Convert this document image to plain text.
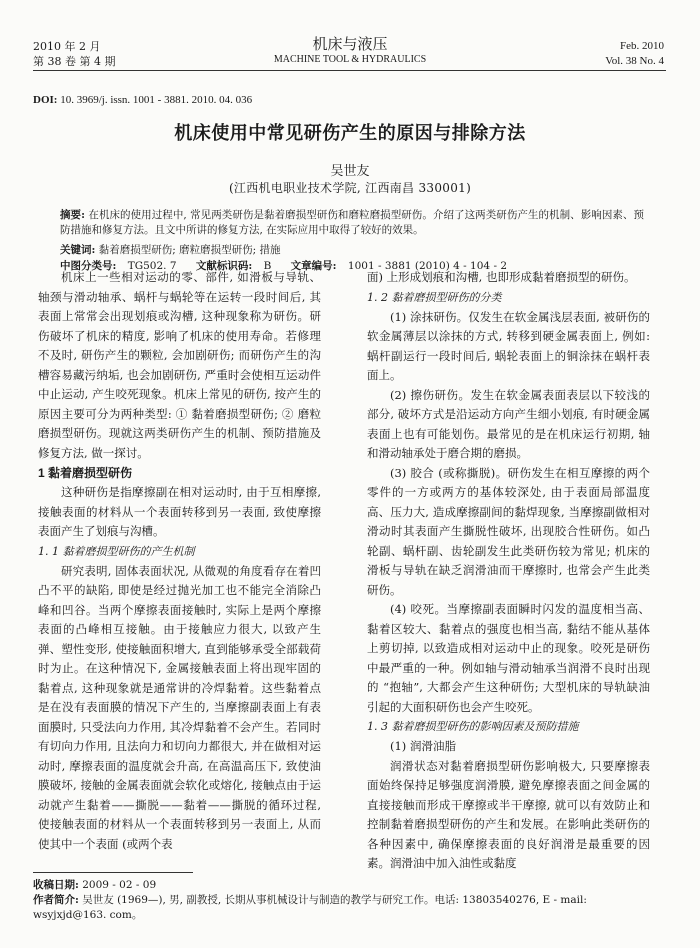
2010 年 2 月
第 38 卷 第 4 期
机床与液压
MACHINE TOOL & HYDRAULICS
Feb. 2010
Vol. 38 No. 4
DOI: 10. 3969/j. issn. 1001 - 3881. 2010. 04. 036
机床使用中常见研伤产生的原因与排除方法
吴世友
(江西机电职业技术学院, 江西南昌 330001)
摘要: 在机床的使用过程中, 常见两类研伤是黏着磨损型研伤和磨粒磨损型研伤。介绍了这两类研伤产生的机制、影响因素、预防措施和修复方法。且文中所讲的修复方法, 在实际应用中取得了较好的效果。
关键词: 黏着磨损型研伤; 磨粒磨损型研伤; 措施
中图分类号: TG502. 7 文献标识码: B 文章编号: 1001 - 3881 (2010) 4 - 104 - 2

机床上一些相对运动的零、部件, 如滑板与导轨、轴颈与滑动轴承、蜗杆与蜗轮等在运转一段时间后, 其表面上常常会出现划痕或沟槽, 这种现象称为研伤。研伤破坏了机床的精度, 影响了机床的使用寿命。若修理不及时, 研伤产生的颗粒, 会加剧研伤; 而研伤产生的沟槽容易藏污纳垢, 也会加剧研伤, 严重时会使相互运动件中止运动, 产生咬死现象。机床上常见的研伤, 按产生的原因主要可分为两种类型: ① 黏着磨损型研伤; ② 磨粒磨损型研伤。现就这两类研伤产生的机制、预防措施及修复方法, 做一探讨。

1 黏着磨损型研伤

这种研伤是指摩擦副在相对运动时, 由于互相摩擦, 接触表面的材料从一个表面转移到另一表面, 致使摩擦表面产生了划痕与沟槽。

1. 1 黏着磨损型研伤的产生机制

研究表明, 固体表面状况, 从微观的角度看存在着凹凸不平的缺陷, 即使是经过抛光加工也不能完全消除凸峰和凹谷。当两个摩擦表面接触时, 实际上是两个摩擦表面的凸峰相互接触。由于接触应力很大, 以致产生弹、塑性变形, 使接触面积增大, 直到能够承受全部载荷时为止。在这种情况下, 金属接触表面上将出现牢固的黏着点, 这种现象就是通常讲的冷焊黏着。这些黏着点是在没有表面膜的情况下产生的, 当摩擦副表面上有表面膜时, 只受法向力作用, 其冷焊黏着不会产生。若同时有切向力作用, 且法向力和切向力都很大, 并在做相对运动时, 摩擦表面的温度就会升高, 在高温高压下, 致使油膜破坏, 接触的金属表面就会软化或熔化, 接触点由于运动就产生黏着——撕脱——黏着——撕脱的循环过程, 使接触表面的材料从一个表面转移到另一表面上, 从而使其中一个表面 (或两个表

面) 上形成划痕和沟槽, 也即形成黏着磨损型的研伤。

1. 2 黏着磨损型研伤的分类

(1) 涂抹研伤。仅发生在软金属浅层表面, 被研伤的软金属薄层以涂抹的方式, 转移到硬金属表面上, 例如: 蜗杆副运行一段时间后, 蜗轮表面上的铜涂抹在蜗杆表面上。

(2) 擦伤研伤。发生在软金属表面表层以下较浅的部分, 破坏方式是沿运动方向产生细小划痕, 有时硬金属表面上也有可能划伤。最常见的是在机床运行初期, 轴和滑动轴承处于磨合期的磨损。

(3) 胶合 (或称撕脱)。研伤发生在相互摩擦的两个零件的一方或两方的基体较深处, 由于表面局部温度高、压力大, 造成摩擦副间的黏焊现象, 当摩擦副做相对滑动时其表面产生撕脱性破坏, 出现胶合性研伤。如凸轮副、蜗杆副、齿轮副发生此类研伤较为常见; 机床的滑板与导轨在缺乏润滑油而干摩擦时, 也常会产生此类研伤。

(4) 咬死。当摩擦副表面瞬时闪发的温度相当高、黏着区较大、黏着点的强度也相当高, 黏结不能从基体上剪切掉, 以致造成相对运动中止的现象。咬死是研伤中最严重的一种。例如轴与滑动轴承当润滑不良时出现的 “抱轴”, 大都会产生这种研伤; 大型机床的导轨缺油引起的大面积研伤也会产生咬死。

1. 3 黏着磨损型研伤的影响因素及预防措施

(1) 润滑油脂

润滑状态对黏着磨损型研伤影响极大, 只要摩擦表面始终保持足够强度润滑膜, 避免摩擦表面之间金属的直接接触而形成干摩擦或半干摩擦, 就可以有效防止和控制黏着磨损型研伤的产生和发展。在影响此类研伤的各种因素中, 确保摩擦表面的良好润滑是最重要的因素。润滑油中加入油性或黏度

收稿日期: 2009 - 02 - 09
作者简介: 吴世友 (1969—), 男, 副教授, 长期从事机械设计与制造的教学与研究工作。电话: 13803540276, E - mail: wsyjxjd@163. com。
